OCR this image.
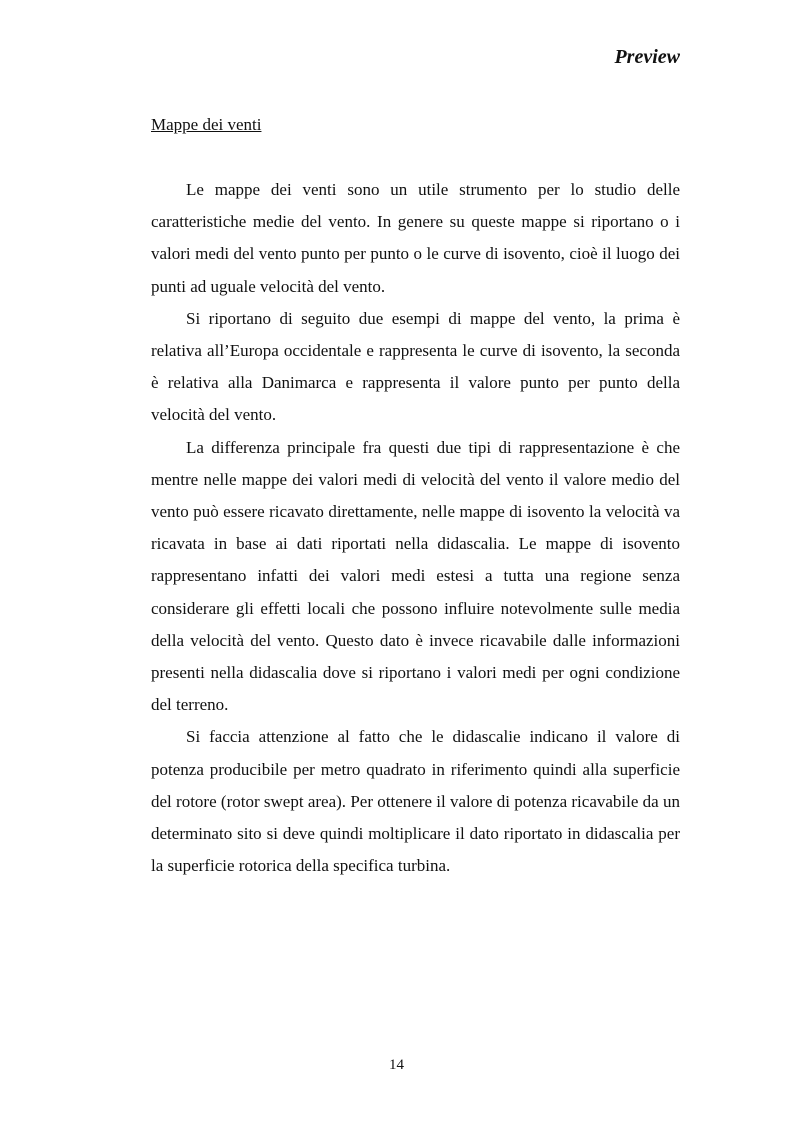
Preview
Mappe dei venti

Le mappe dei venti sono un utile strumento per lo studio delle caratteristiche medie del vento. In genere su queste mappe si riportano o i valori medi del vento punto per punto o le curve di isovento, cioè il luogo dei punti ad uguale velocità del vento.

Si riportano di seguito due esempi di mappe del vento, la prima è relativa all’Europa occidentale e rappresenta le curve di isovento, la seconda è relativa alla Danimarca e rappresenta il valore punto per punto della velocità del vento.

La differenza principale fra questi due tipi di rappresentazione è che mentre nelle mappe dei valori medi di velocità del vento il valore medio del vento può essere ricavato direttamente, nelle mappe di isovento la velocità va ricavata in base ai dati riportati nella didascalia. Le mappe di isovento rappresentano infatti dei valori medi estesi a tutta una regione senza considerare gli effetti locali che possono influire notevolmente sulle media della velocità del vento. Questo dato è invece ricavabile dalle informazioni presenti nella didascalia dove si riportano i valori medi per ogni condizione del terreno.

Si faccia attenzione al fatto che le didascalie indicano il valore di potenza producibile per metro quadrato in riferimento quindi alla superficie del rotore (rotor swept area). Per ottenere il valore di potenza ricavabile da un determinato sito si deve quindi moltiplicare il dato riportato in didascalia per la superficie rotorica della specifica turbina.

14
